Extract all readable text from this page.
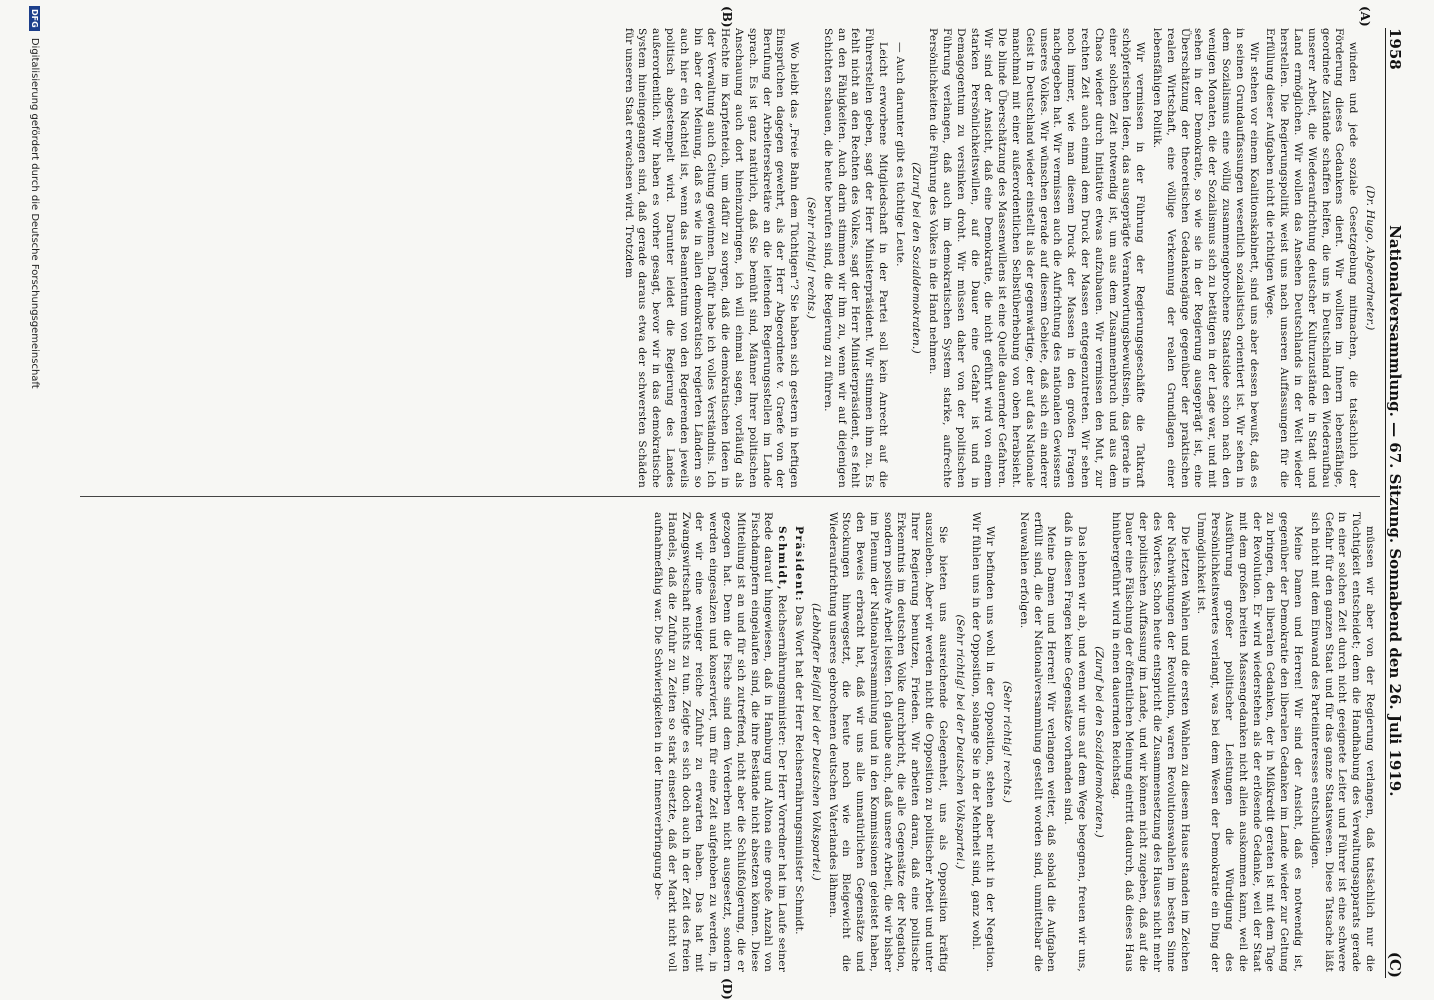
1958
Nationalversammlung. — 67. Sitzung. Sonnabend den 26. Juli 1919.
(C)
(A)
(B)
(D)

(Dr. Hugo, Abgeordneter.)

winden und jede soziale Gesetzgebung mitmachen, die tatsächlich der Förderung dieses Gedankens dient. Wir wollten im Innern lebensfähige, geordnete Zustände schaffen helfen, die uns in Deutschland den Wiederaufbau unserer Arbeit, die Wiederaufrichtung deutscher Kulturzustände in Stadt und Land ermöglichen. Wir wollen das Ansehen Deutschlands in der Welt wieder herstellen. Die Regierungspolitik weist uns nach unseren Auffassungen für die Erfüllung dieser Aufgaben nicht die richtigen Wege.

Wir stehen vor einem Koalitionskabinett, sind uns aber dessen bewußt, daß es in seinen Grundauffassungen wesentlich sozialistisch orientiert ist. Wir sehen in dem Sozialismus eine völlig zusammengebrochene Staatsidee schon nach den wenigen Monaten, die der Sozialismus sich zu betätigen in der Lage war, und mit sehen in der Demokratie, so wie sie in der Regierung ausgeprägt ist, eine Überschätzung der theoretischen Gedankengänge gegenüber der praktischen realen Wirtschaft, eine völlige Verkennung der realen Grundlagen einer lebensfähigen Politik.

Wir vermissen in der Führung der Regierungsgeschäfte die Tatkraft schöpferischen Ideen, das ausgeprägte Verantwortungsbewußtsein, das gerade in einer solchen Zeit notwendig ist, um aus dem Zusammenbruch und aus dem Chaos wieder durch Initiative etwas aufzubauen. Wir vermissen den Mut, zur rechten Zeit auch einmal dem Druck der Massen entgegenzutreten. Wir sehen noch immer, wie man diesem Druck der Massen in den großen Fragen nachgegeben hat. Wir vermissen auch die Aufrichtung des nationalen Gewissens unseres Volkes. Wir wünschen gerade auf diesem Gebiete, daß sich ein anderer Geist in Deutschland wieder einstellt als der gegenwärtige, der auf das Nationale manchmal mit einer außerordentlichen Selbstüberhebung von oben herabsieht. Die blinde Überschätzung des Massenwillens ist eine Quelle dauernder Gefahren. Wir sind der Ansicht, daß eine Demokratie, die nicht geführt wird von einem starken Persönlichkeitswillen, auf die Dauer eine Gefahr ist und in Demagogentum zu versinken droht. Wir müssen daher von der politischen Führung verlangen, daß auch im demokratischen System starke, aufrechte Persönlichkeiten die Führung des Volkes in die Hand nehmen.

(Zuruf bei den Sozialdemokraten.)

— Auch darunter gibt es tüchtige Leute.

Leicht erworbene Mitgliedschaft in der Partei soll kein Anrecht auf die Führerstellen geben, sagt der Herr Ministerpräsident. Wir stimmen ihm zu. Es fehlt nicht an den Rechten des Volkes, sagt der Herr Ministerpräsident, es fehlt an den Fähigkeiten. Auch darin stimmen wir ihm zu, wenn wir auf diejenigen Schichten schauen, die heute berufen sind, die Regierung zu führen.

(Sehr richtig! rechts.)

Wo bleibt das „Freie Bahn dem Tüchtigen“? Sie haben sich gestern in heftigen Einsprüchen dagegen gewehrt, als der Herr Abgeordnete v. Graefe von der Berufung der Arbeitersekretäre an die leitenden Regierungsstellen im Lande sprach. Es ist ganz natürlich, daß Sie bemüht sind, Männer Ihrer politischen Anschauung auch dort hineinzubringen, ich will einmal sagen, vorläufig als Hechte im Karpfenteich, um dafür zu sorgen, daß die demokratischen Ideen in der Verwaltung auch Geltung gewinnen. Dafür habe ich volles Verständnis. Ich bin aber der Meinung, daß es wie in allen demokratisch regierten Ländern so auch hier ein Nachteil ist, wenn das Beamtentum von den Regierenden jeweils politisch abgestempelt wird. Darunter leidet die Regierung des Landes außerordentlich. Wir haben es vorher gesagt, bevor wir in das demokratische System hineingegangen sind, daß gerade daraus etwa der schwersten Schäden für unseren Staat erwachsen wird. Trotzdem

müssen wir aber von der Regierung verlangen, daß tatsächlich nur die Tüchtigkeit entscheidet; denn die Handhabung des Verwaltungsapparats gerade in einer solchen Zeit durch nicht geeignete Leiter und Führer ist eine schwere Gefahr für den ganzen Staat und für das ganze Staatswesen. Diese Tatsache läßt sich nicht mit dem Einwand des Parteiinteresses entschuldigen.

Meine Damen und Herren! Wir sind der Ansicht, daß es notwendig ist, gegenüber der Demokratie den liberalen Gedanken im Lande wieder zur Geltung zu bringen, den liberalen Gedanken, der in Mißkredit geraten ist mit dem Tage der Revolution. Er wird wiederstehen als der erlösende Gedanke, weil der Staat mit dem großen breiten Massengedanken nicht allein auskommen kann, weil die Ausführung großer politischer Leistungen die Würdigung des Persönlichkeitswertes verlangt, was bei dem Wesen der Demokratie ein Ding der Unmöglichkeit ist.

Die letzten Wahlen und die ersten Wahlen zu diesem Hause standen im Zeichen der Nachwirkungen der Revolution, waren Revolutionswahlen im besten Sinne des Wortes. Schon heute entspricht die Zusammensetzung des Hauses nicht mehr der politischen Auffassung im Lande, und wir können nicht zugeben, daß auf die Dauer eine Fälschung der öffentlichen Meinung eintritt dadurch, daß dieses Haus hinübergeführt wird in einen dauernden Reichstag.

(Zuruf bei den Sozialdemokraten.)

Das lehnen wir ab, und wenn wir uns auf dem Wege begegnen, freuen wir uns, daß in diesen Fragen keine Gegensätze vorhanden sind.

Meine Damen und Herren! Wir verlangen weiter, daß sobald die Aufgaben erfüllt sind, die der Nationalversammlung gestellt worden sind, unmittelbar die Neuwahlen erfolgen.

(Sehr richtig! rechts.)

Wir befinden uns wohl in der Opposition, stehen aber nicht in der Negation. Wir fühlen uns in der Opposition, solange Sie in der Mehrheit sind, ganz wohl.

(Sehr richtig! bei der Deutschen Volkspartei.)

Sie bieten uns ausreichende Gelegenheit, uns als Opposition kräftig auszuleben. Aber wir werden nicht die Opposition zu politischer Arbeit und unter Ihrer Regierung benutzen, Frieden. Wir arbeiten daran, daß eine politische Erkenntnis im deutschen Volke durchbricht, die alle Gegensätze der Negation, sondern positive Arbeit leisten. Ich glaube auch, daß unsere Arbeit, die wir bisher im Plenum der Nationalversammlung und in den Kommissionen geleistet haben, den Beweis erbracht hat, daß wir uns alle unnatürlichen Gegensätze und Stockungen hinwegsetzt, die heute noch wie ein Bleigewicht die Wiederaufrichtung unseres gebrochenen deutschen Vaterlandes lähmen.

(Lebhafter Beifall bei der Deutschen Volkspartei.)

Präsident: Das Wort hat der Herr Reichsernährungsminister Schmidt.

Schmidt, Reichsernährungsminister: Der Herr Vorredner hat im Laufe seiner Rede darauf hingewiesen, daß in Hamburg und Altona eine große Anzahl von Fischdampfern eingelaufen sind, die ihre Bestände nicht absetzen können. Diese Mitteilung ist an und für sich zutreffend, nicht aber die Schlußfolgerung, die er gezogen hat. Denn die Fische sind dem Verderben nicht ausgesetzt, sondern werden eingesalzen und konserviert, um für eine Zeit aufgehoben zu werden, in der wir eine weniger reiche Zufuhr zu erwarten haben. Das hat mit Zwangswirtschaft nichts zu tun. Zeigte es sich doch auch in der Zeit des freien Handels, daß die Zufuhr zu Zeiten so stark einsetzte, daß der Markt nicht voll aufnahmefähig war. Die Schwierigkeiten in der Innenverbringung be-

DFG Digitalisierung gefördert durch die Deutsche Forschungsgemeinschaft
